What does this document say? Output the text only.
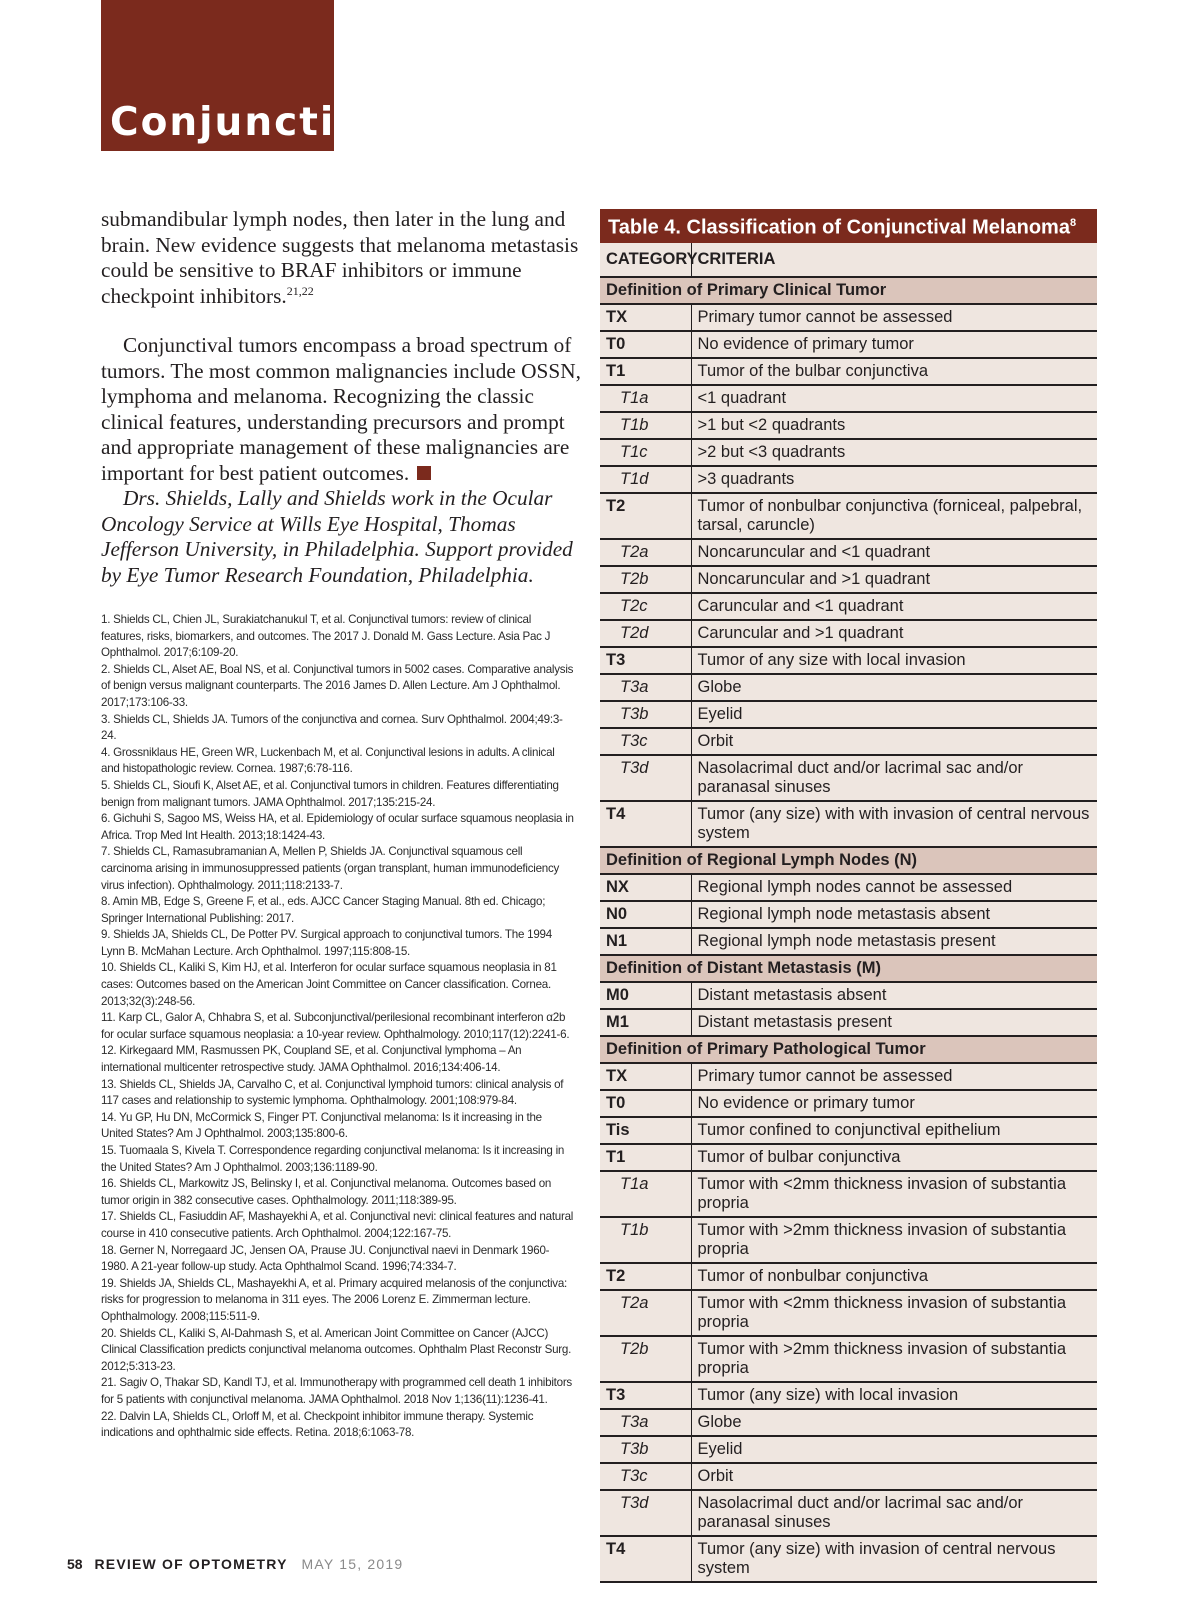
Conjunctiva

submandibular lymph nodes, then later in the lung and brain. New evidence suggests that melanoma metastasis could be sensitive to BRAF inhibitors or immune checkpoint inhibitors.$^{21,22}$

Conjunctival tumors encompass a broad spectrum of tumors. The most common malignancies include OSSN, lymphoma and melanoma. Recognizing the classic clinical features, understanding precursors and prompt and appropriate management of these malignancies are important for best patient outcomes.

Drs. Shields, Lally and Shields work in the Ocular Oncology Service at Wills Eye Hospital, Thomas Jefferson University, in Philadelphia. Support provided by Eye Tumor Research Foundation, Philadelphia.

1. Shields CL, Chien JL, Surakiatchanukul T, et al. Conjunctival tumors: review of clinical features, risks, biomarkers, and outcomes. The 2017 J. Donald M. Gass Lecture. Asia Pac J Ophthalmol. 2017;6:109-20.
2. Shields CL, Alset AE, Boal NS, et al. Conjunctival tumors in 5002 cases. Comparative analysis of benign versus malignant counterparts. The 2016 James D. Allen Lecture. Am J Ophthalmol. 2017;173:106-33.
3. Shields CL, Shields JA. Tumors of the conjunctiva and cornea. Surv Ophthalmol. 2004;49:3-24.
4. Grossniklaus HE, Green WR, Luckenbach M, et al. Conjunctival lesions in adults. A clinical and histopathologic review. Cornea. 1987;6:78-116.
5. Shields CL, Sioufi K, Alset AE, et al. Conjunctival tumors in children. Features differentiating benign from malignant tumors. JAMA Ophthalmol. 2017;135:215-24.
6. Gichuhi S, Sagoo MS, Weiss HA, et al. Epidemiology of ocular surface squamous neoplasia in Africa. Trop Med Int Health. 2013;18:1424-43.
7. Shields CL, Ramasubramanian A, Mellen P, Shields JA. Conjunctival squamous cell carcinoma arising in immunosuppressed patients (organ transplant, human immunodeficiency virus infection). Ophthalmology. 2011;118:2133-7.
8. Amin MB, Edge S, Greene F, et al., eds. AJCC Cancer Staging Manual. 8th ed. Chicago; Springer International Publishing: 2017.
9. Shields JA, Shields CL, De Potter PV. Surgical approach to conjunctival tumors. The 1994 Lynn B. McMahan Lecture. Arch Ophthalmol. 1997;115:808-15.
10. Shields CL, Kaliki S, Kim HJ, et al. Interferon for ocular surface squamous neoplasia in 81 cases: Outcomes based on the American Joint Committee on Cancer classification. Cornea. 2013;32(3):248-56.
11. Karp CL, Galor A, Chhabra S, et al. Subconjunctival/perilesional recombinant interferon α2b for ocular surface squamous neoplasia: a 10-year review. Ophthalmology. 2010;117(12):2241-6.
12. Kirkegaard MM, Rasmussen PK, Coupland SE, et al. Conjunctival lymphoma – An international multicenter retrospective study. JAMA Ophthalmol. 2016;134:406-14.
13. Shields CL, Shields JA, Carvalho C, et al. Conjunctival lymphoid tumors: clinical analysis of 117 cases and relationship to systemic lymphoma. Ophthalmology. 2001;108:979-84.
14. Yu GP, Hu DN, McCormick S, Finger PT. Conjunctival melanoma: Is it increasing in the United States? Am J Ophthalmol. 2003;135:800-6.
15. Tuomaala S, Kivela T. Correspondence regarding conjunctival melanoma: Is it increasing in the United States? Am J Ophthalmol. 2003;136:1189-90.
16. Shields CL, Markowitz JS, Belinsky I, et al. Conjunctival melanoma. Outcomes based on tumor origin in 382 consecutive cases. Ophthalmology. 2011;118:389-95.
17. Shields CL, Fasiuddin AF, Mashayekhi A, et al. Conjunctival nevi: clinical features and natural course in 410 consecutive patients. Arch Ophthalmol. 2004;122:167-75.
18. Gerner N, Norregaard JC, Jensen OA, Prause JU. Conjunctival naevi in Denmark 1960-1980. A 21-year follow-up study. Acta Ophthalmol Scand. 1996;74:334-7.
19. Shields JA, Shields CL, Mashayekhi A, et al. Primary acquired melanosis of the conjunctiva: risks for progression to melanoma in 311 eyes. The 2006 Lorenz E. Zimmerman lecture. Ophthalmology. 2008;115:511-9.
20. Shields CL, Kaliki S, Al-Dahmash S, et al. American Joint Committee on Cancer (AJCC) Clinical Classification predicts conjunctival melanoma outcomes. Ophthalm Plast Reconstr Surg. 2012;5:313-23.
21. Sagiv O, Thakar SD, Kandl TJ, et al. Immunotherapy with programmed cell death 1 inhibitors for 5 patients with conjunctival melanoma. JAMA Ophthalmol. 2018 Nov 1;136(11):1236-41.
22. Dalvin LA, Shields CL, Orloff M, et al. Checkpoint inhibitor immune therapy. Systemic indications and ophthalmic side effects. Retina. 2018;6:1063-78.
Table 4. Classification of Conjunctival Melanoma$^8$
CATEGORY	CRITERIA
Definition of Primary Clinical Tumor	
TX	Primary tumor cannot be assessed
T0	No evidence of primary tumor
T1	Tumor of the bulbar conjunctiva
T1a	<1 quadrant
T1b	>1 but <2 quadrants
T1c	>2 but <3 quadrants
T1d	>3 quadrants
T2	Tumor of nonbulbar conjunctiva (forniceal, palpebral, tarsal, caruncle)
T2a	Noncaruncular and <1 quadrant
T2b	Noncaruncular and >1 quadrant
T2c	Caruncular and <1 quadrant
T2d	Caruncular and >1 quadrant
T3	Tumor of any size with local invasion
T3a	Globe
T3b	Eyelid
T3c	Orbit
T3d	Nasolacrimal duct and/or lacrimal sac and/or paranasal sinuses
T4	Tumor (any size) with with invasion of central nervous system
Definition of Regional Lymph Nodes (N)	
NX	Regional lymph nodes cannot be assessed
N0	Regional lymph node metastasis absent
N1	Regional lymph node metastasis present
Definition of Distant Metastasis (M)	
M0	Distant metastasis absent
M1	Distant metastasis present
Definition of Primary Pathological Tumor	
TX	Primary tumor cannot be assessed
T0	No evidence or primary tumor
Tis	Tumor confined to conjunctival epithelium
T1	Tumor of bulbar conjunctiva
T1a	Tumor with <2mm thickness invasion of substantia propria
T1b	Tumor with >2mm thickness invasion of substantia propria
T2	Tumor of nonbulbar conjunctiva
T2a	Tumor with <2mm thickness invasion of substantia propria
T2b	Tumor with >2mm thickness invasion of substantia propria
T3	Tumor (any size) with local invasion
T3a	Globe
T3b	Eyelid
T3c	Orbit
T3d	Nasolacrimal duct and/or lacrimal sac and/or paranasal sinuses
T4	Tumor (any size) with invasion of central nervous system
58 REVIEW OF OPTOMETRY MAY 15, 2019
